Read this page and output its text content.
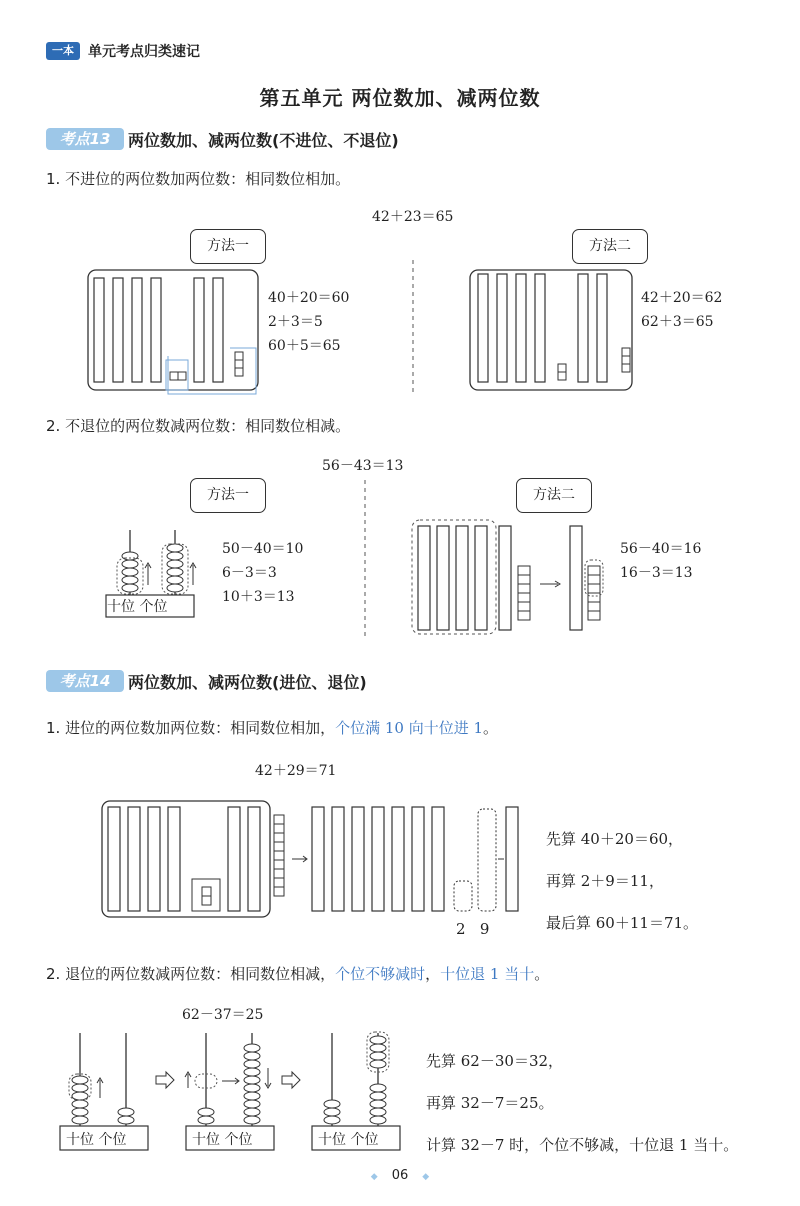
一本	单元考点归类速记
第五单元 两位数加、减两位数
考点13	两位数加、减两位数(不进位、不退位)
1. 不进位的两位数加两位数：相同数位相加。
42＋23＝65
方法一	方法二
40＋20＝60
2＋3＝5
60＋5＝65
42＋20＝62
62＋3＝65
2. 不退位的两位数减两位数：相同数位相减。
56－43＝13
方法一	方法二
十位 个位
50－40＝10
6－3＝3
10＋3＝13
56－40＝16
16－3＝13
考点14	两位数加、减两位数(进位、退位)
1. 进位的两位数加两位数：相同数位相加，个位满 10 向十位进 1。
42＋29＝71
2   9
先算 40＋20＝60，
再算 2＋9＝11，
最后算 60＋11＝71。
2. 退位的两位数减两位数：相同数位相减，个位不够减时，十位退 1 当十。
62－37＝25
十位 个位	十位 个位	十位 个位
先算 62－30＝32，
再算 32－7＝25。
计算 32－7 时，个位不够减，十位退 1 当十。
◆ 06 ◆
